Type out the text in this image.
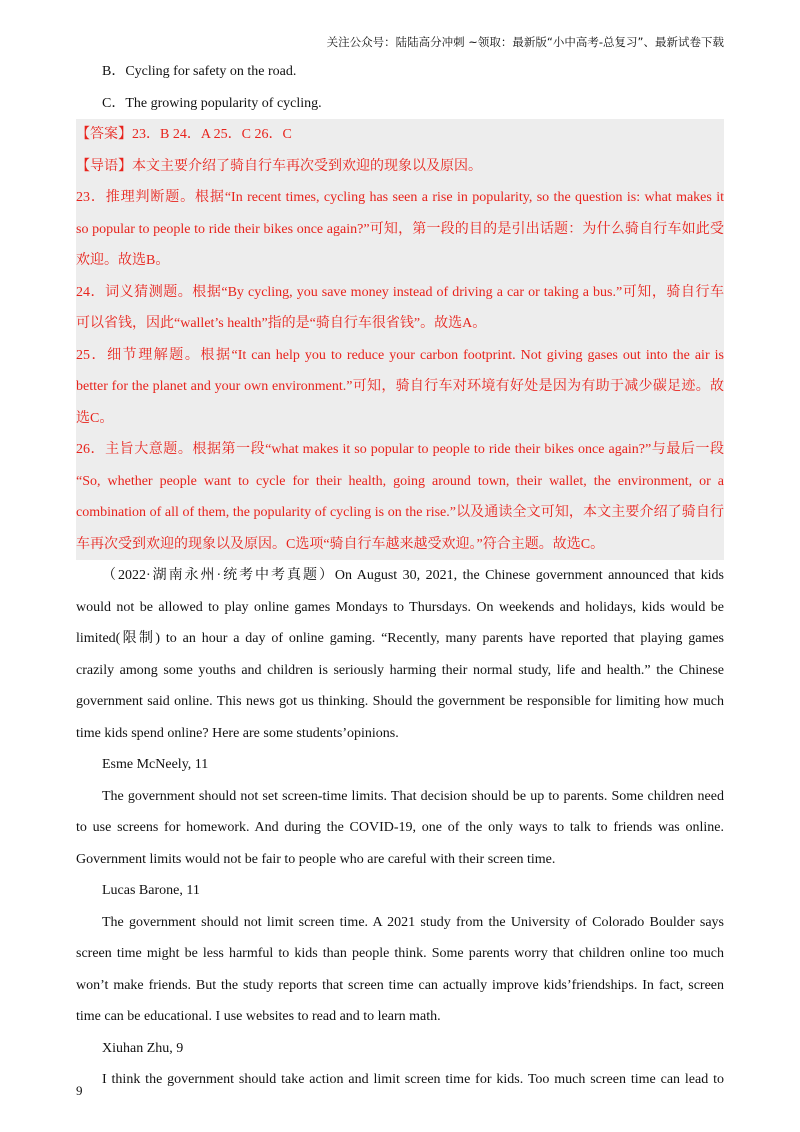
关注公众号：陆陆高分冲刺 ~领取：最新版“小中高考-总复习”、最新试卷下载
B．Cycling for safety on the road.
C．The growing popularity of cycling.
【答案】23．B 24．A 25．C 26．C
【导语】本文主要介绍了骑自行车再次受到欢迎的现象以及原因。
23．推理判断题。根据“In recent times, cycling has seen a rise in popularity, so the question is: what makes it
so popular to people to ride their bikes once again?”可知，第一段的目的是引出话题：为什么骑自行车如此受
欢迎。故选B。
24．词义猜测题。根据“By cycling, you save money instead of driving a car or taking a bus.”可知，骑自行车
可以省钱，因此“wallet’s health”指的是“骑自行车很省钱”。故选A。
25．细节理解题。根据“It can help you to reduce your carbon footprint. Not giving gases out into the air is
better for the planet and your own environment.”可知，骑自行车对环境有好处是因为有助于减少碳足迹。故
选C。
26．主旨大意题。根据第一段“what makes it so popular to people to ride their bikes once again?”与最后一段
“So, whether people want to cycle for their health, going around town, their wallet, the environment, or a
combination of all of them, the popularity of cycling is on the rise.”以及通读全文可知，本文主要介绍了骑自行
车再次受到欢迎的现象以及原因。C选项“骑自行车越来越受欢迎。”符合主题。故选C。
（2022·湖南永州·统考中考真题）On August 30, 2021, the Chinese government announced that kids
would not be allowed to play online games Mondays to Thursdays. On weekends and holidays, kids would be
limited(限制) to an hour a day of online gaming. “Recently, many parents have reported that playing games
crazily among some youths and children is seriously harming their normal study, life and health.” the Chinese
government said online. This news got us thinking. Should the government be responsible for limiting how much
time kids spend online? Here are some students’opinions.
Esme McNeely, 11
The government should not set screen-time limits. That decision should be up to parents. Some children need
to use screens for homework. And during the COVID-19, one of the only ways to talk to friends was online.
Government limits would not be fair to people who are careful with their screen time.
Lucas Barone, 11
The government should not limit screen time. A 2021 study from the University of Colorado Boulder says
screen time might be less harmful to kids than people think. Some parents worry that children online too much
won’t make friends. But the study reports that screen time can actually improve kids’friendships. In fact, screen
time can be educational. I use websites to read and to learn math.
Xiuhan Zhu, 9
I think the government should take action and limit screen time for kids. Too much screen time can lead to
9
